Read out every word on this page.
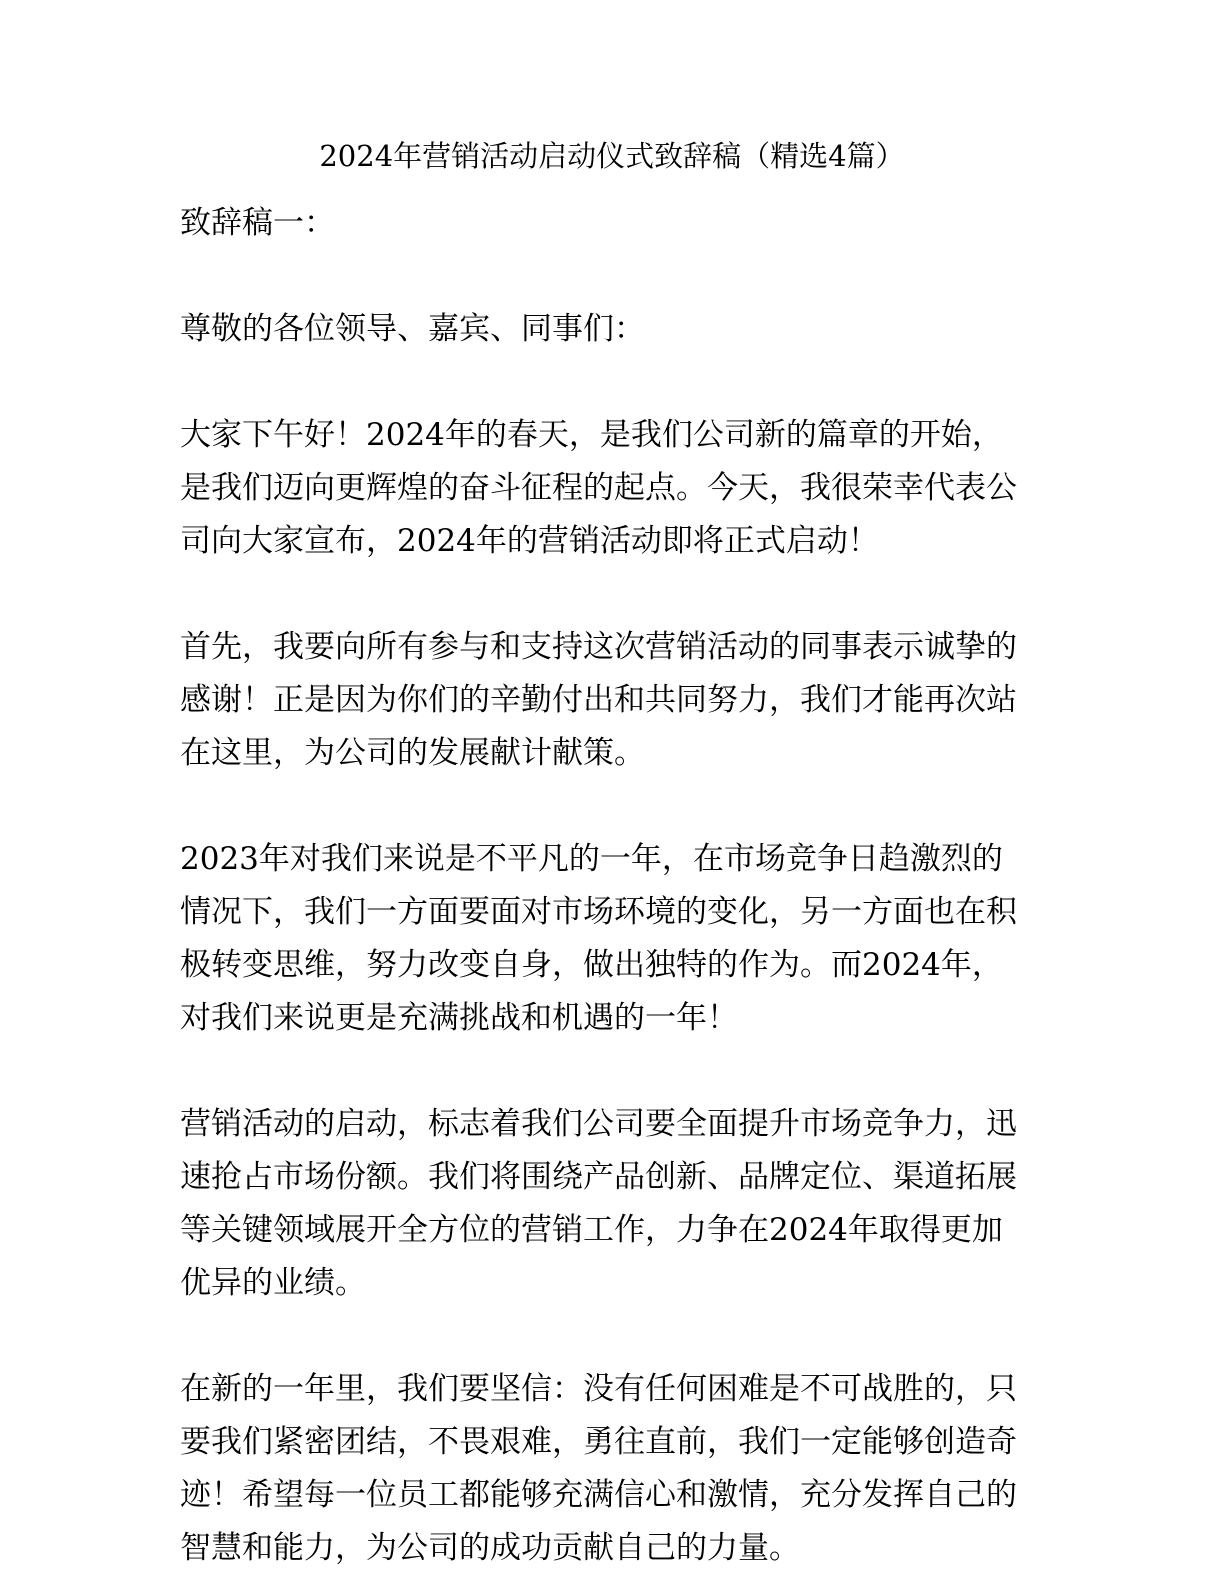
2024年营销活动启动仪式致辞稿（精选4篇）

致辞稿一：

尊敬的各位领导、嘉宾、同事们：

大家下午好！2024年的春天，是我们公司新的篇章的开始，
是我们迈向更辉煌的奋斗征程的起点。今天，我很荣幸代表公
司向大家宣布，2024年的营销活动即将正式启动！

首先，我要向所有参与和支持这次营销活动的同事表示诚挚的
感谢！正是因为你们的辛勤付出和共同努力，我们才能再次站
在这里，为公司的发展献计献策。

2023年对我们来说是不平凡的一年，在市场竞争日趋激烈的
情况下，我们一方面要面对市场环境的变化，另一方面也在积
极转变思维，努力改变自身，做出独特的作为。而2024年，
对我们来说更是充满挑战和机遇的一年！

营销活动的启动，标志着我们公司要全面提升市场竞争力，迅
速抢占市场份额。我们将围绕产品创新、品牌定位、渠道拓展
等关键领域展开全方位的营销工作，力争在2024年取得更加
优异的业绩。

在新的一年里，我们要坚信：没有任何困难是不可战胜的，只
要我们紧密团结，不畏艰难，勇往直前，我们一定能够创造奇
迹！希望每一位员工都能够充满信心和激情，充分发挥自己的
智慧和能力，为公司的成功贡献自己的力量。
